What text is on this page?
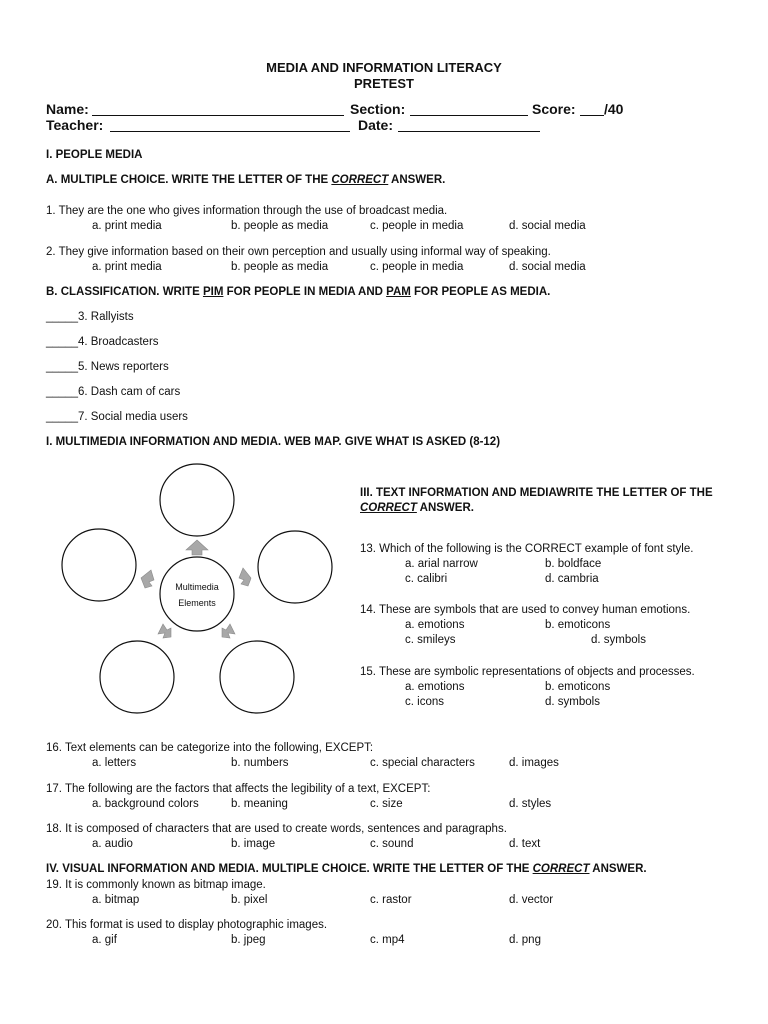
MEDIA AND INFORMATION LITERACY
PRETEST
Name:	Section:	Score: /40
Teacher:	Date:
I. PEOPLE MEDIA
A. MULTIPLE CHOICE. WRITE THE LETTER OF THE CORRECT ANSWER.
1. They are the one who gives information through the use of broadcast media.
a. print media	b. people as media	c. people in media	d. social media
2. They give information based on their own perception and usually using informal way of speaking.
a. print media	b. people as media	c. people in media	d. social media
B. CLASSIFICATION. WRITE PIM FOR PEOPLE IN MEDIA AND PAM FOR PEOPLE AS MEDIA.
_____3. Rallyists
_____4. Broadcasters
_____5. News reporters
_____6. Dash cam of cars
_____7. Social media users
I. MULTIMEDIA INFORMATION AND MEDIA. WEB MAP. GIVE WHAT IS ASKED (8-12)
Multimedia
Elements
III. TEXT INFORMATION AND MEDIAWRITE THE LETTER OF THE
CORRECT ANSWER.
13. Which of the following is the CORRECT example of font style.
a. arial narrow	b. boldface
c. calibri	d. cambria
14. These are symbols that are used to convey human emotions.
a. emotions	b. emoticons
c. smileys	d. symbols
15. These are symbolic representations of objects and processes.
a. emotions	b. emoticons
c. icons	d. symbols
16. Text elements can be categorize into the following, EXCEPT:
a. letters	b. numbers	c. special characters	d. images
17. The following are the factors that affects the legibility of a text, EXCEPT:
a. background colors	b. meaning	c. size	d. styles
18. It is composed of characters that are used to create words, sentences and paragraphs.
a. audio	b. image	c. sound	d. text
IV. VISUAL INFORMATION AND MEDIA. MULTIPLE CHOICE. WRITE THE LETTER OF THE CORRECT ANSWER.
19. It is commonly known as bitmap image.
a. bitmap	b. pixel	c. rastor	d. vector
20. This format is used to display photographic images.
a. gif	b. jpeg	c. mp4	d. png
